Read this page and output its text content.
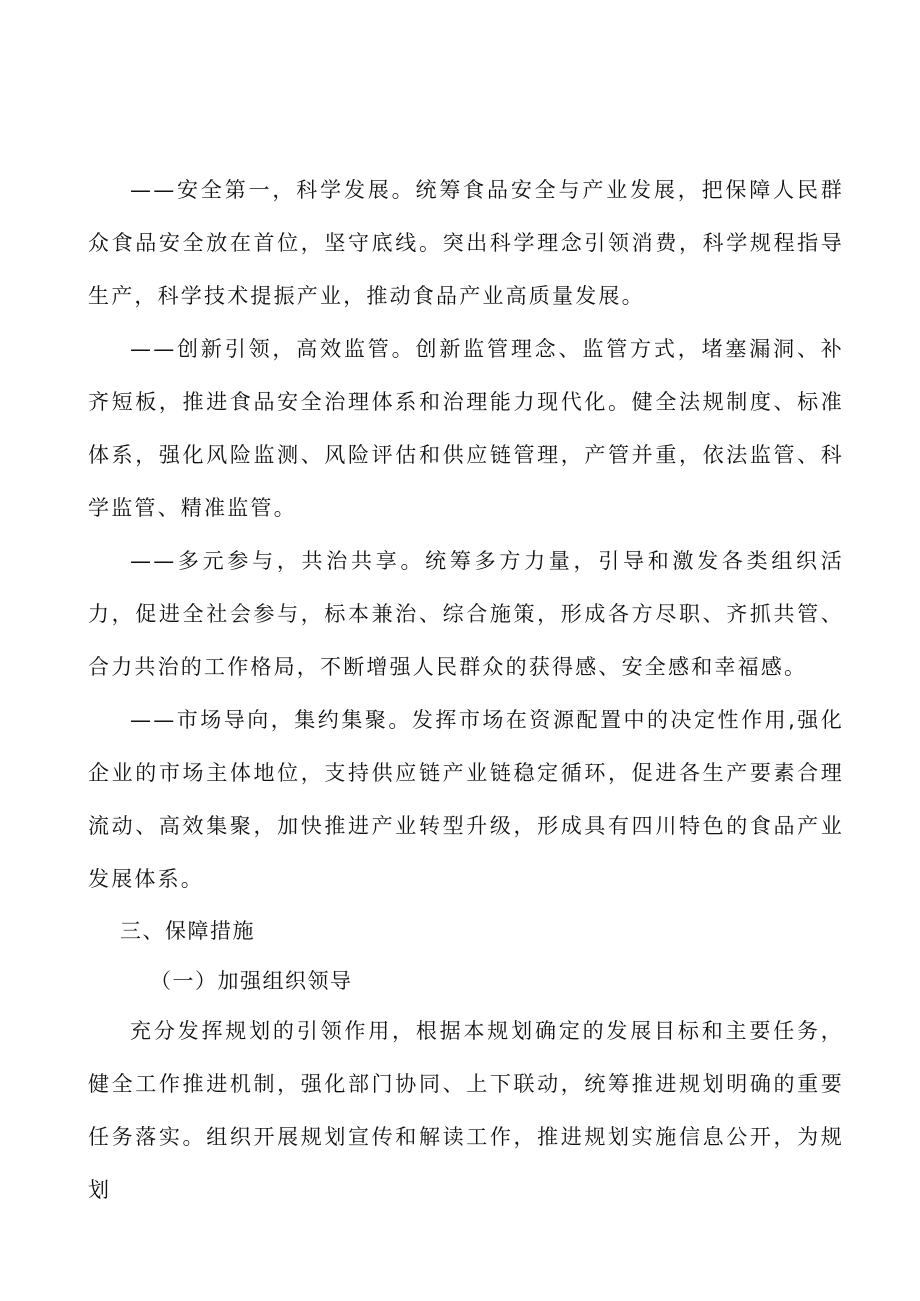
——安全第一，科学发展。统筹食品安全与产业发展，把保障人民群众食品安全放在首位，坚守底线。突出科学理念引领消费，科学规程指导生产，科学技术提振产业，推动食品产业高质量发展。

——创新引领，高效监管。创新监管理念、监管方式，堵塞漏洞、补齐短板，推进食品安全治理体系和治理能力现代化。健全法规制度、标准体系，强化风险监测、风险评估和供应链管理，产管并重，依法监管、科学监管、精准监管。

——多元参与，共治共享。统筹多方力量，引导和激发各类组织活力，促进全社会参与，标本兼治、综合施策，形成各方尽职、齐抓共管、合力共治的工作格局，不断增强人民群众的获得感、安全感和幸福感。

——市场导向，集约集聚。发挥市场在资源配置中的决定性作用,强化企业的市场主体地位，支持供应链产业链稳定循环，促进各生产要素合理流动、高效集聚，加快推进产业转型升级，形成具有四川特色的食品产业发展体系。

三、保障措施
（一）加强组织领导

充分发挥规划的引领作用，根据本规划确定的发展目标和主要任务，健全工作推进机制，强化部门协同、上下联动，统筹推进规划明确的重要任务落实。组织开展规划宣传和解读工作，推进规划实施信息公开，为规划
